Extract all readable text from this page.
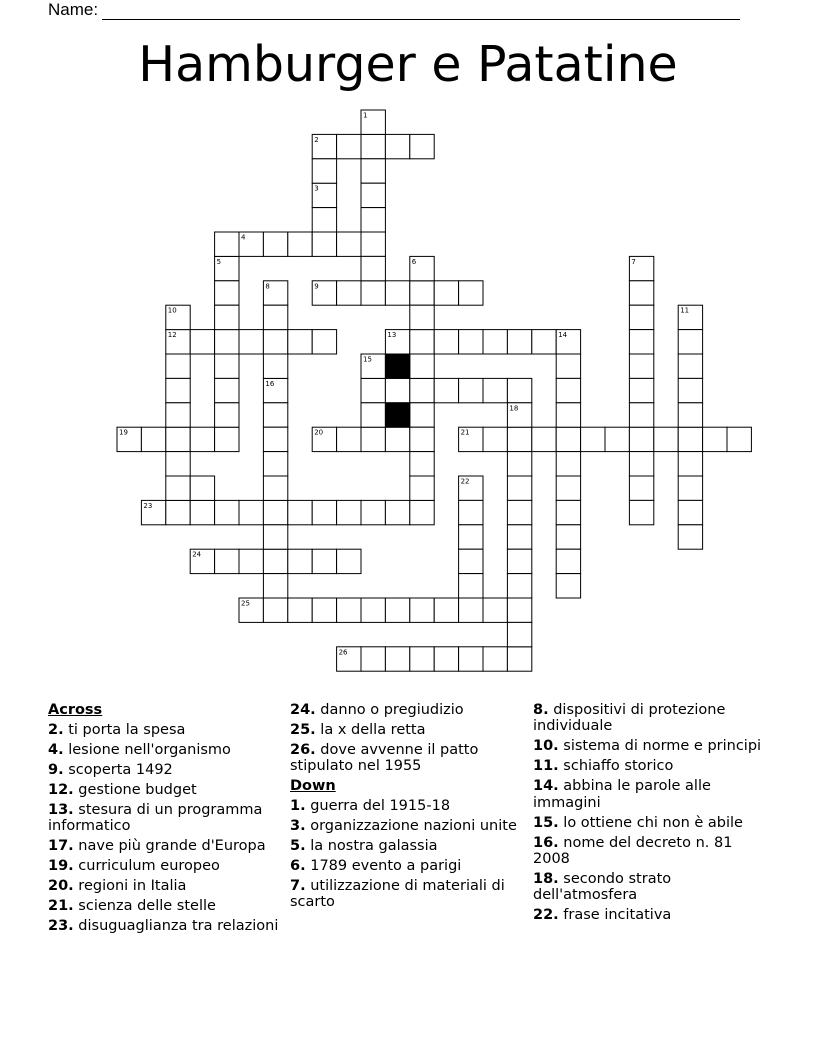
Name:
Hamburger e Patatine
2
4
9
12	13	14
19	20	21
23
24
25
26
1
3
5	6	7
8
10	11
15
16
18
22
Across
2. ti porta la spesa
4. lesione nell'organismo
9. scoperta 1492
12. gestione budget
13. stesura di un programma informatico
17. nave più grande d'Europa
19. curriculum europeo
20. regioni in Italia
21. scienza delle stelle
23. disuguaglianza tra relazioni
24. danno o pregiudizio
25. la x della retta
26. dove avvenne il patto stipulato nel 1955
Down
1. guerra del 1915-18
3. organizzazione nazioni unite
5. la nostra galassia
6. 1789 evento a parigi
7. utilizzazione di materiali di scarto
8. dispositivi di protezione individuale
10. sistema di norme e principi
11. schiaffo storico
14. abbina le parole alle immagini
15. lo ottiene chi non è abile
16. nome del decreto n. 81 2008
18. secondo strato dell'atmosfera
22. frase incitativa
